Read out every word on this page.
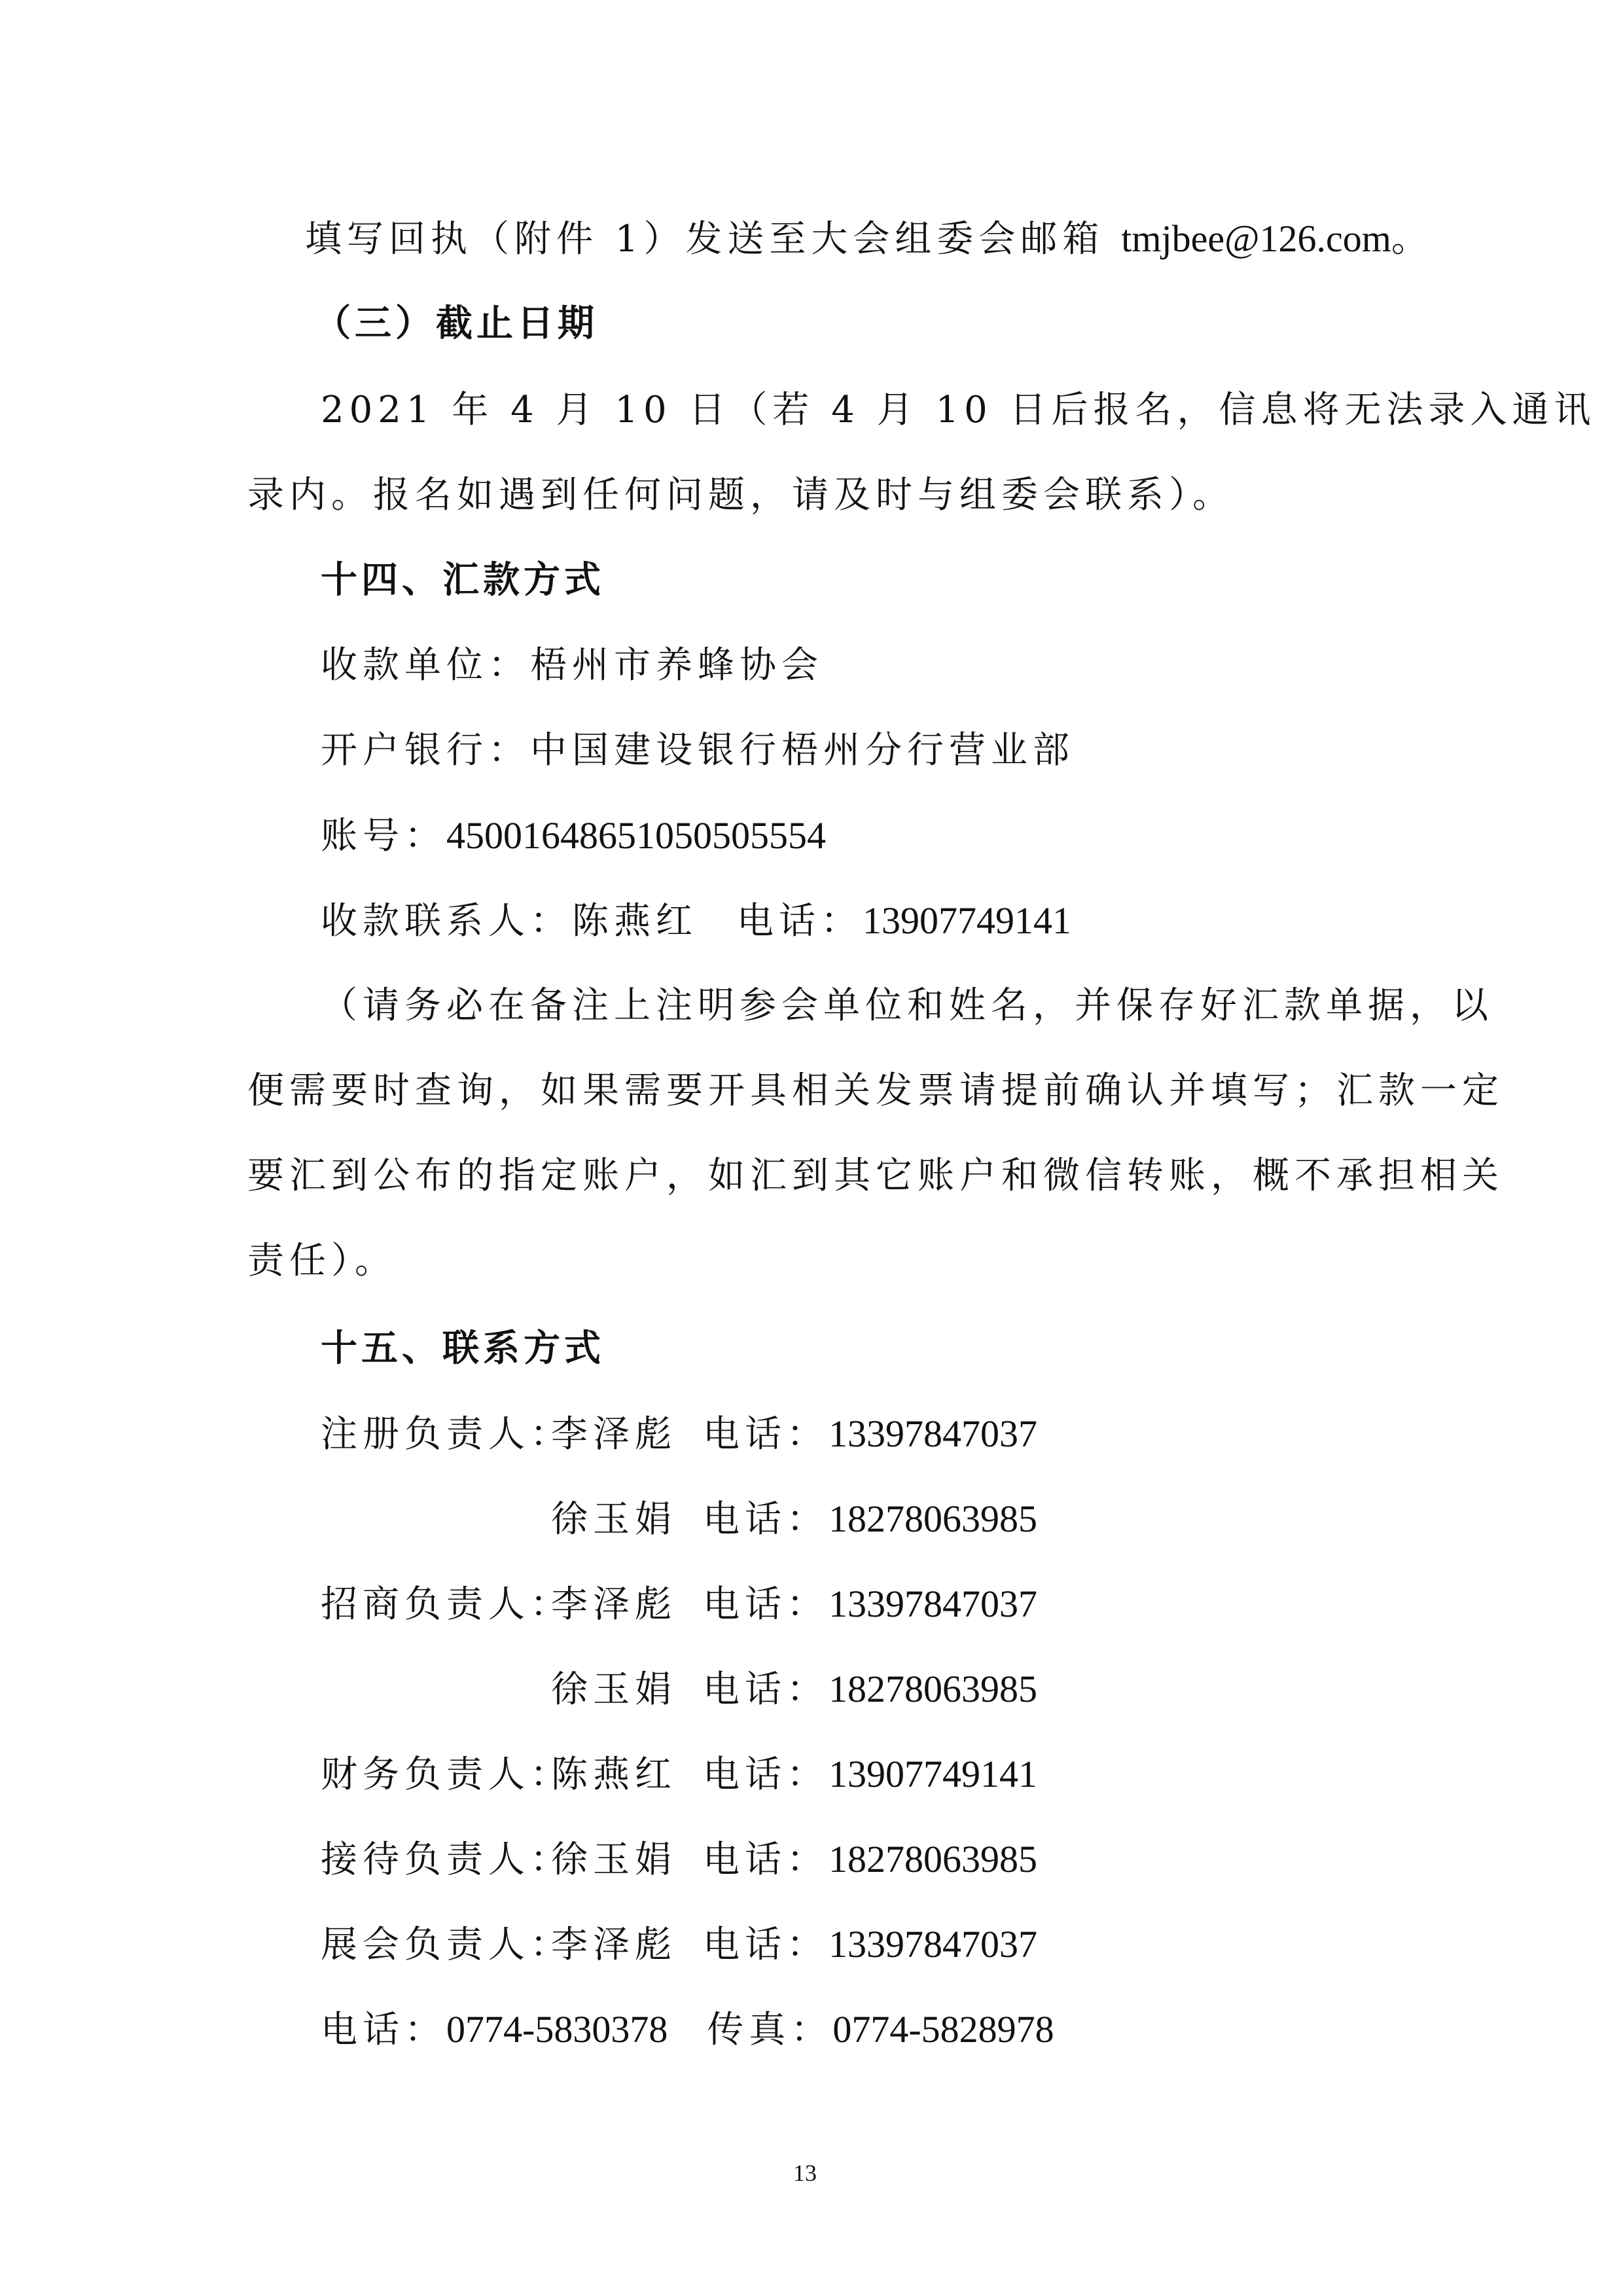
填写回执（附件 1）发送至大会组委会邮箱 tmjbee@126.com。
（三）截止日期
2021 年 4 月 10 日（若 4 月 10 日后报名，信息将无法录入通讯
录内。报名如遇到任何问题，请及时与组委会联系）。
十四、汇款方式
收款单位：梧州市养蜂协会
开户银行：中国建设银行梧州分行营业部
账号：45001648651050505554
收款联系人：陈燕红 电话：13907749141
（请务必在备注上注明参会单位和姓名，并保存好汇款单据，以
便需要时查询，如果需要开具相关发票请提前确认并填写；汇款一定
要汇到公布的指定账户，如汇到其它账户和微信转账，概不承担相关
责任）。
十五、联系方式
注册负责人：李泽彪 电话：13397847037
徐玉娟 电话：18278063985
招商负责人：李泽彪 电话：13397847037
徐玉娟 电话：18278063985
财务负责人：陈燕红 电话：13907749141
接待负责人：徐玉娟 电话：18278063985
展会负责人：李泽彪 电话：13397847037
电话：0774-5830378 传真：0774-5828978
13
